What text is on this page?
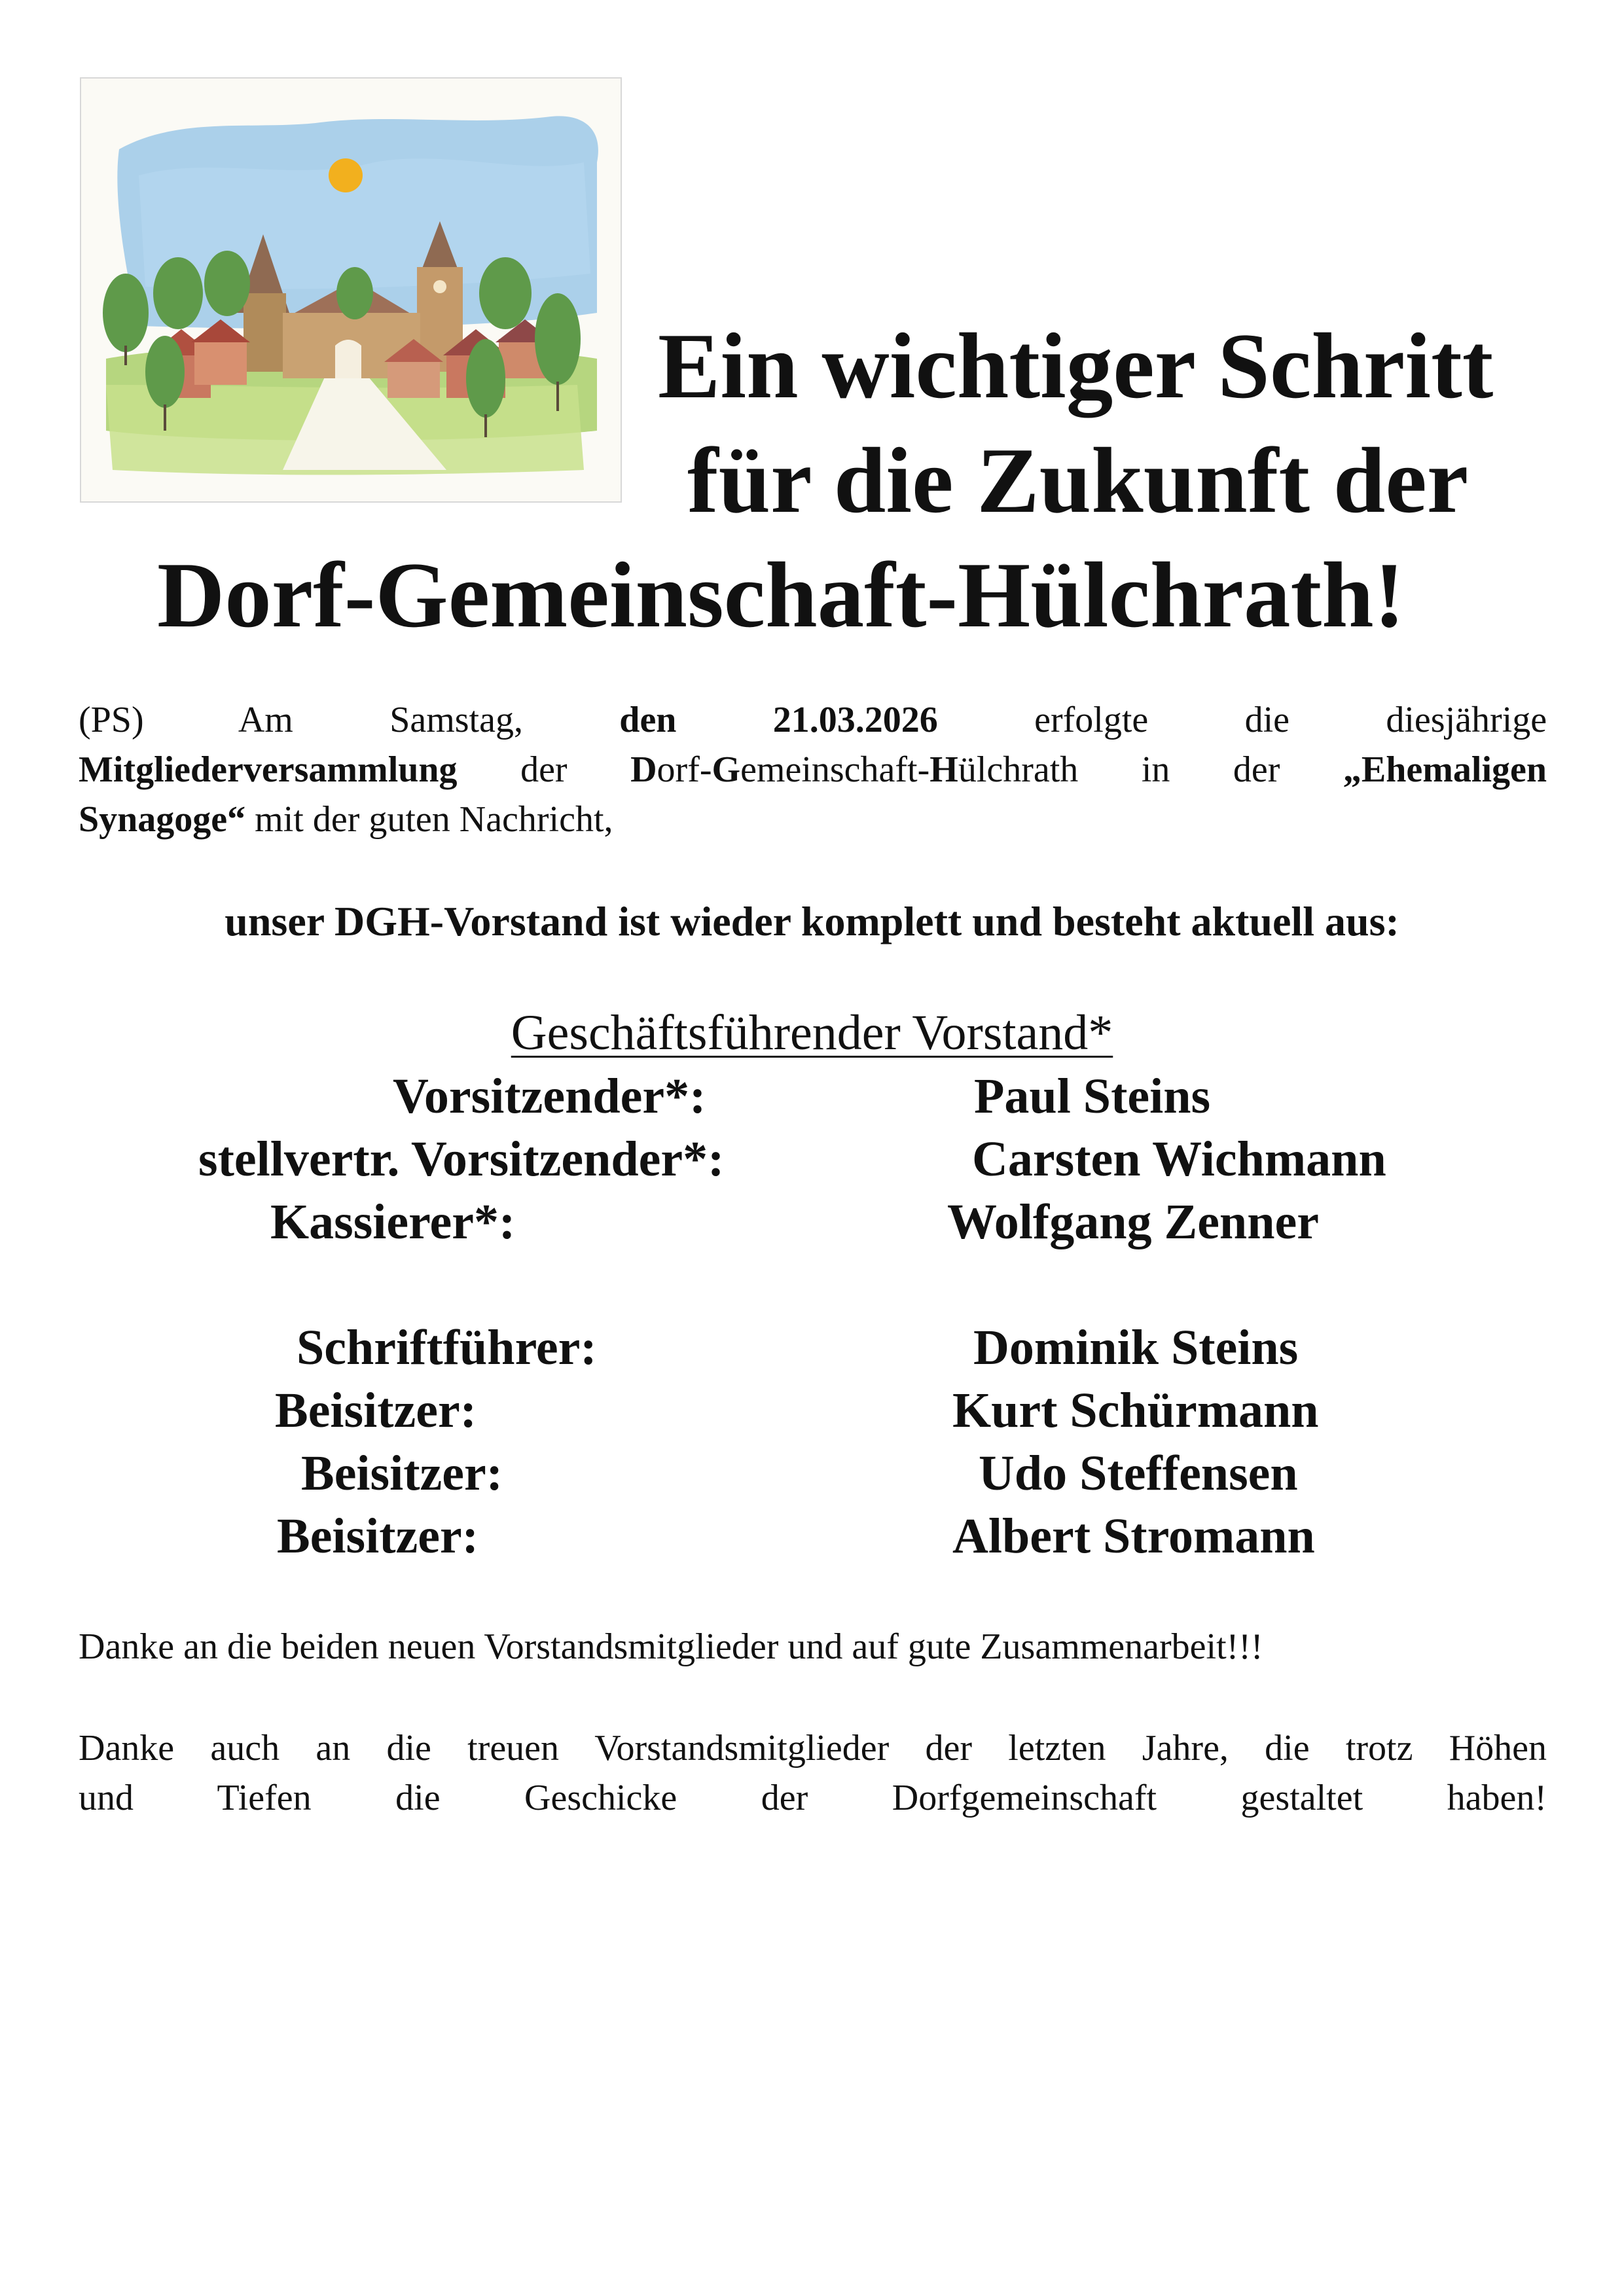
Ein wichtiger Schritt
für die Zukunft der
Dorf-Gemeinschaft-Hülchrath!
(PS)	Am	Samstag,	den	21.03.2026	erfolgte	die	diesjährige
Mitgliederversammlung der Dorf-Gemeinschaft-Hülchrath in der „Ehemaligen
Synagoge“ mit der guten Nachricht,
unser DGH-Vorstand ist wieder komplett und besteht aktuell aus:
Geschäftsführender Vorstand*
Vorsitzender*:	Paul Steins
stellvertr. Vorsitzender*:	Carsten Wichmann
Kassierer*:	Wolfgang Zenner
Schriftführer:	Dominik Steins
Beisitzer:	Kurt Schürmann
Beisitzer:	Udo Steffensen
Beisitzer:	Albert Stromann
Danke an die beiden neuen Vorstandsmitglieder und auf gute Zusammenarbeit!!!
Danke auch an die treuen Vorstandsmitglieder der letzten Jahre, die trotz Höhen
und Tiefen die Geschicke der Dorfgemeinschaft gestaltet haben!
